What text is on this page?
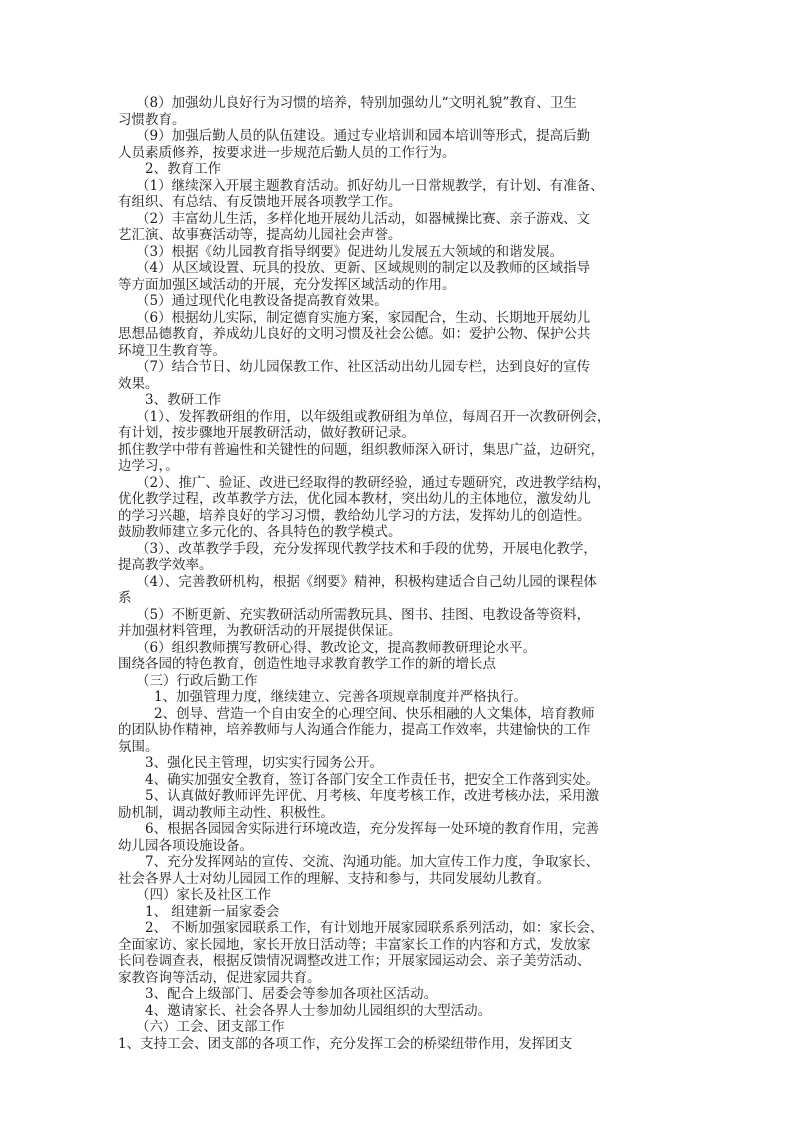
（8）加强幼儿良好行为习惯的培养，特别加强幼儿“文明礼貌”教育、卫生
习惯教育。
（9）加强后勤人员的队伍建设。通过专业培训和园本培训等形式，提高后勤
人员素质修养，按要求进一步规范后勤人员的工作行为。
2、教育工作
（1）继续深入开展主题教育活动。抓好幼儿一日常规教学，有计划、有准备、
有组织、有总结、有反馈地开展各项教学工作。
（2）丰富幼儿生活，多样化地开展幼儿活动，如器械操比赛、亲子游戏、文
艺汇演、故事赛活动等，提高幼儿园社会声誉。
（3）根据《幼儿园教育指导纲要》促进幼儿发展五大领域的和谐发展。
（4）从区域设置、玩具的投放、更新、区域规则的制定以及教师的区域指导
等方面加强区域活动的开展，充分发挥区域活动的作用。
（5）通过现代化电教设备提高教育效果。
（6）根据幼儿实际，制定德育实施方案，家园配合，生动、长期地开展幼儿
思想品德教育，养成幼儿良好的文明习惯及社会公德。如：爱护公物、保护公共
环境卫生教育等。
（7）结合节日、幼儿园保教工作、社区活动出幼儿园专栏，达到良好的宣传
效果。
3、教研工作
（1）、发挥教研组的作用，以年级组或教研组为单位，每周召开一次教研例会，
有计划，按步骤地开展教研活动，做好教研记录。
抓住教学中带有普遍性和关键性的问题，组织教师深入研讨，集思广益，边研究，
边学习，。
（2）、推广、验证、改进已经取得的教研经验，通过专题研究，改进教学结构，
优化教学过程，改革教学方法，优化园本教材，突出幼儿的主体地位，激发幼儿
的学习兴趣，培养良好的学习习惯，教给幼儿学习的方法，发挥幼儿的创造性。
鼓励教师建立多元化的、各具特色的教学模式。
（3）、改革教学手段，充分发挥现代教学技术和手段的优势，开展电化教学，
提高教学效率。
（4）、完善教研机构，根据《纲要》精神，积极构建适合自己幼儿园的课程体
系
（5）不断更新、充实教研活动所需教玩具、图书、挂图、电教设备等资料，
并加强材料管理，为教研活动的开展提供保证。
（6）组织教师撰写教研心得、教改论文，提高教师教研理论水平。
围绕各园的特色教育，创造性地寻求教育教学工作的新的增长点
（三）行政后勤工作
1、加强管理力度，继续建立、完善各项规章制度并严格执行。
2、创导、营造一个自由安全的心理空间、快乐相融的人文集体，培育教师
的团队协作精神，培养教师与人沟通合作能力，提高工作效率，共建愉快的工作
氛围。
3、强化民主管理，切实实行园务公开。
4、确实加强安全教育，签订各部门安全工作责任书，把安全工作落到实处。
5、认真做好教师评先评优、月考核、年度考核工作，改进考核办法，采用激
励机制，调动教师主动性、积极性。
6、根据各园园舍实际进行环境改造，充分发挥每一处环境的教育作用，完善
幼儿园各项设施设备。
7、充分发挥网站的宣传、交流、沟通功能。加大宣传工作力度，争取家长、
社会各界人士对幼儿园园工作的理解、支持和参与，共同发展幼儿教育。
（四）家长及社区工作
1、 组建新一届家委会
2、 不断加强家园联系工作，有计划地开展家园联系系列活动，如：家长会、
全面家访、家长园地，家长开放日活动等；丰富家长工作的内容和方式，发放家
长问卷调查表，根据反馈情况调整改进工作；开展家园运动会、亲子美劳活动、
家教咨询等活动，促进家园共育。
3、配合上级部门、居委会等参加各项社区活动。
4、邀请家长、社会各界人士参加幼儿园组织的大型活动。
（六）工会、团支部工作
1、支持工会、团支部的各项工作，充分发挥工会的桥梁纽带作用，发挥团支
